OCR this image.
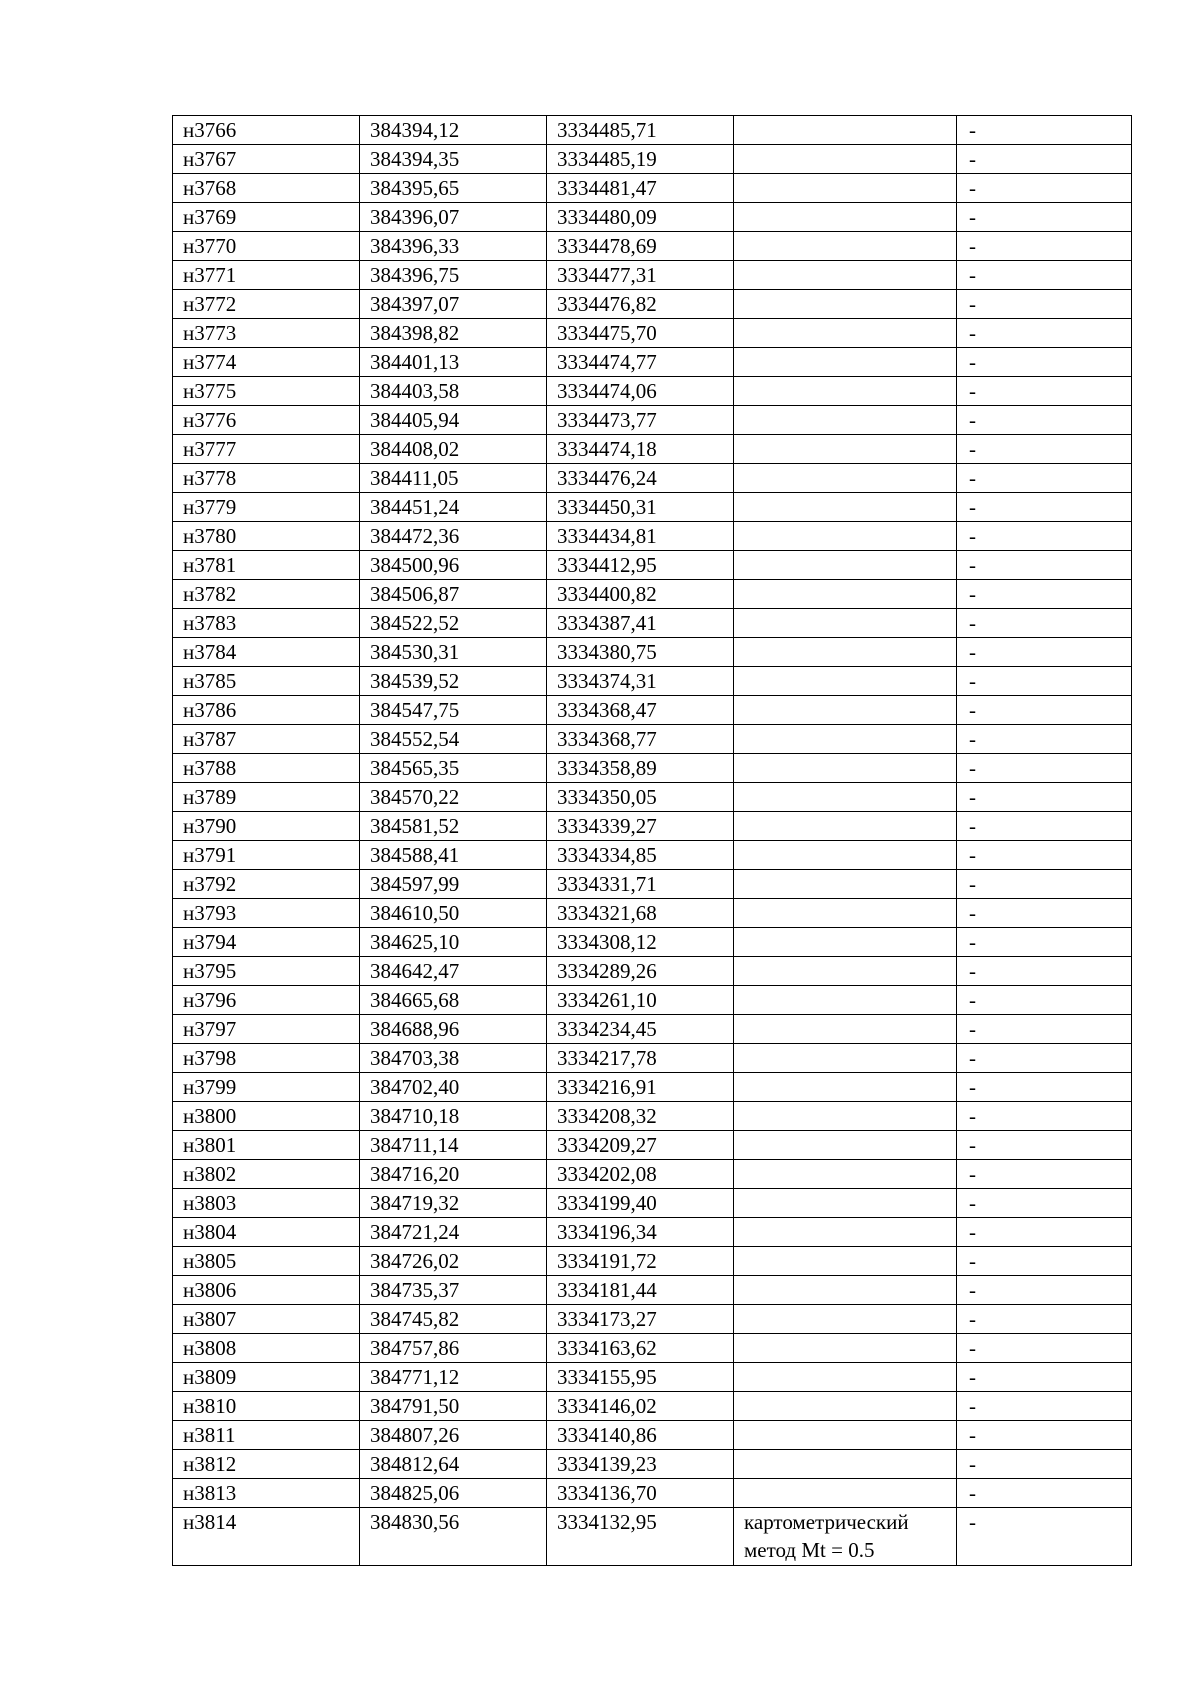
н3766	384394,12	3334485,71		-
н3767	384394,35	3334485,19		-
н3768	384395,65	3334481,47		-
н3769	384396,07	3334480,09		-
н3770	384396,33	3334478,69		-
н3771	384396,75	3334477,31		-
н3772	384397,07	3334476,82		-
н3773	384398,82	3334475,70		-
н3774	384401,13	3334474,77		-
н3775	384403,58	3334474,06		-
н3776	384405,94	3334473,77		-
н3777	384408,02	3334474,18		-
н3778	384411,05	3334476,24		-
н3779	384451,24	3334450,31		-
н3780	384472,36	3334434,81		-
н3781	384500,96	3334412,95		-
н3782	384506,87	3334400,82		-
н3783	384522,52	3334387,41		-
н3784	384530,31	3334380,75		-
н3785	384539,52	3334374,31		-
н3786	384547,75	3334368,47		-
н3787	384552,54	3334368,77		-
н3788	384565,35	3334358,89		-
н3789	384570,22	3334350,05		-
н3790	384581,52	3334339,27		-
н3791	384588,41	3334334,85		-
н3792	384597,99	3334331,71		-
н3793	384610,50	3334321,68		-
н3794	384625,10	3334308,12		-
н3795	384642,47	3334289,26		-
н3796	384665,68	3334261,10		-
н3797	384688,96	3334234,45		-
н3798	384703,38	3334217,78		-
н3799	384702,40	3334216,91		-
н3800	384710,18	3334208,32		-
н3801	384711,14	3334209,27		-
н3802	384716,20	3334202,08		-
н3803	384719,32	3334199,40		-
н3804	384721,24	3334196,34		-
н3805	384726,02	3334191,72		-
н3806	384735,37	3334181,44		-
н3807	384745,82	3334173,27		-
н3808	384757,86	3334163,62		-
н3809	384771,12	3334155,95		-
н3810	384791,50	3334146,02		-
н3811	384807,26	3334140,86		-
н3812	384812,64	3334139,23		-
н3813	384825,06	3334136,70		-
н3814	384830,56	3334132,95	картометрический метод Mt = 0.5	-
